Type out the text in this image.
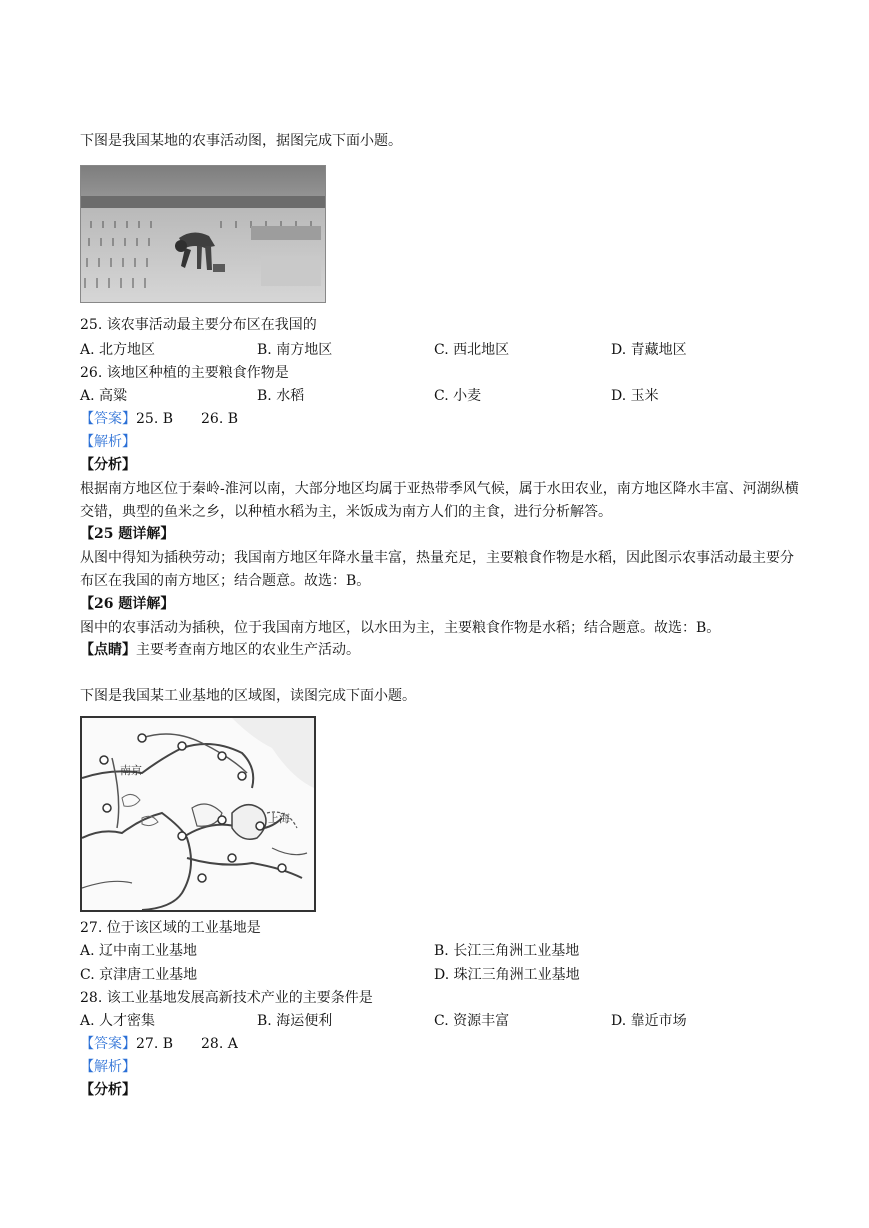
下图是我国某地的农事活动图，据图完成下面小题。
25. 该农事活动最主要分布区在我国的
A. 北方地区	B. 南方地区	C. 西北地区	D. 青藏地区
26. 该地区种植的主要粮食作物是
A. 高粱	B. 水稻	C. 小麦	D. 玉米
【答案】25. B　　26. B
【解析】
【分析】
根据南方地区位于秦岭-淮河以南，大部分地区均属于亚热带季风气候，属于水田农业，南方地区降水丰富、河湖纵横交错，典型的鱼米之乡，以种植水稻为主，米饭成为南方人们的主食，进行分析解答。
【25 题详解】
从图中得知为插秧劳动；我国南方地区年降水量丰富，热量充足，主要粮食作物是水稻，因此图示农事活动最主要分布区在我国的南方地区；结合题意。故选：B。
【26 题详解】
图中的农事活动为插秧，位于我国南方地区，以水田为主，主要粮食作物是水稻；结合题意。故选：B。
【点睛】主要考查南方地区的农业生产活动。
下图是我国某工业基地的区域图，读图完成下面小题。
南京
上海
27. 位于该区域的工业基地是
A. 辽中南工业基地	B. 长江三角洲工业基地
C. 京津唐工业基地	D. 珠江三角洲工业基地
28. 该工业基地发展高新技术产业的主要条件是
A. 人才密集	B. 海运便利	C. 资源丰富	D. 靠近市场
【答案】27. B　　28. A
【解析】
【分析】
